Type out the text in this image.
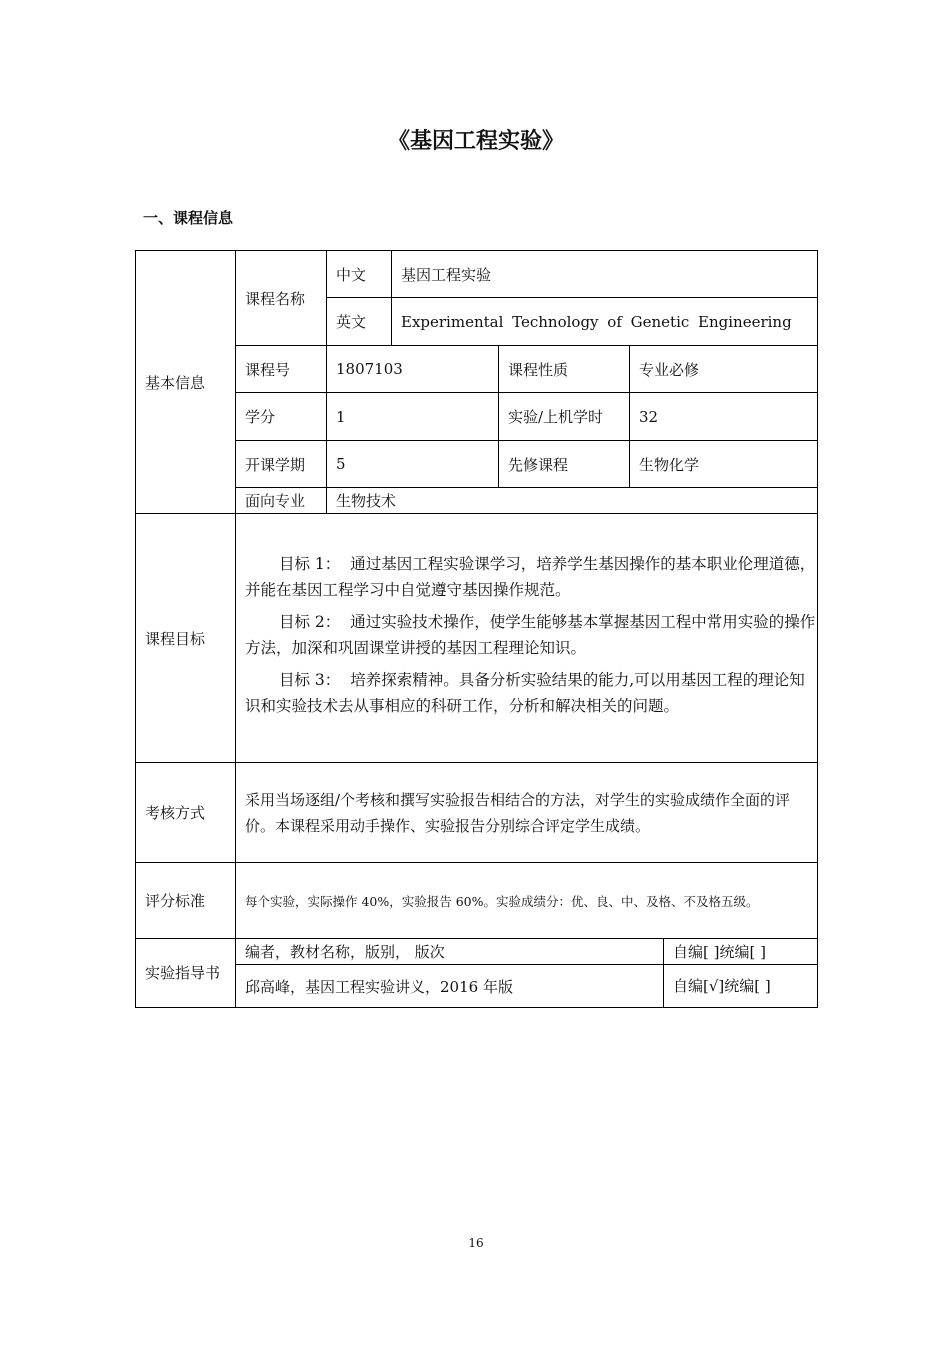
《基因工程实验》
一、课程信息
基本信息	课程名称	中文	基因工程实验			
		英文	Experimental Technology of Genetic Engineering			
	课程号	1807103		课程性质	专业必修	
	学分	1		实验/上机学时	32	
	开课学期	5		先修课程	生物化学	
	面向专业	生物技术				
课程目标	目标 1： 通过基因工程实验课学习，培养学生基因操作的基本职业伦理道德，并能在基因工程学习中自觉遵守基因操作规范。

目标 2： 通过实验技术操作，使学生能够基本掌握基因工程中常用实验的操作方法，加深和巩固课堂讲授的基因工程理论知识。

目标 3： 培养探索精神。具备分析实验结果的能力,可以用基因工程的理论知识和实验技术去从事相应的科研工作，分析和解决相关的问题。					

考核方式	采用当场逐组/个考核和撰写实验报告相结合的方法，对学生的实验成绩作全面的评价。本课程采用动手操作、实验报告分别综合评定学生成绩。					
评分标准	每个实验，实际操作 40%，实验报告 60%。实验成绩分：优、良、中、及格、不及格五级。					
实验指导书	编者，教材名称，版别， 版次					自编[ ]统编[ ]
	邱高峰，基因工程实验讲义，2016 年版					自编[√]统编[ ]
16
